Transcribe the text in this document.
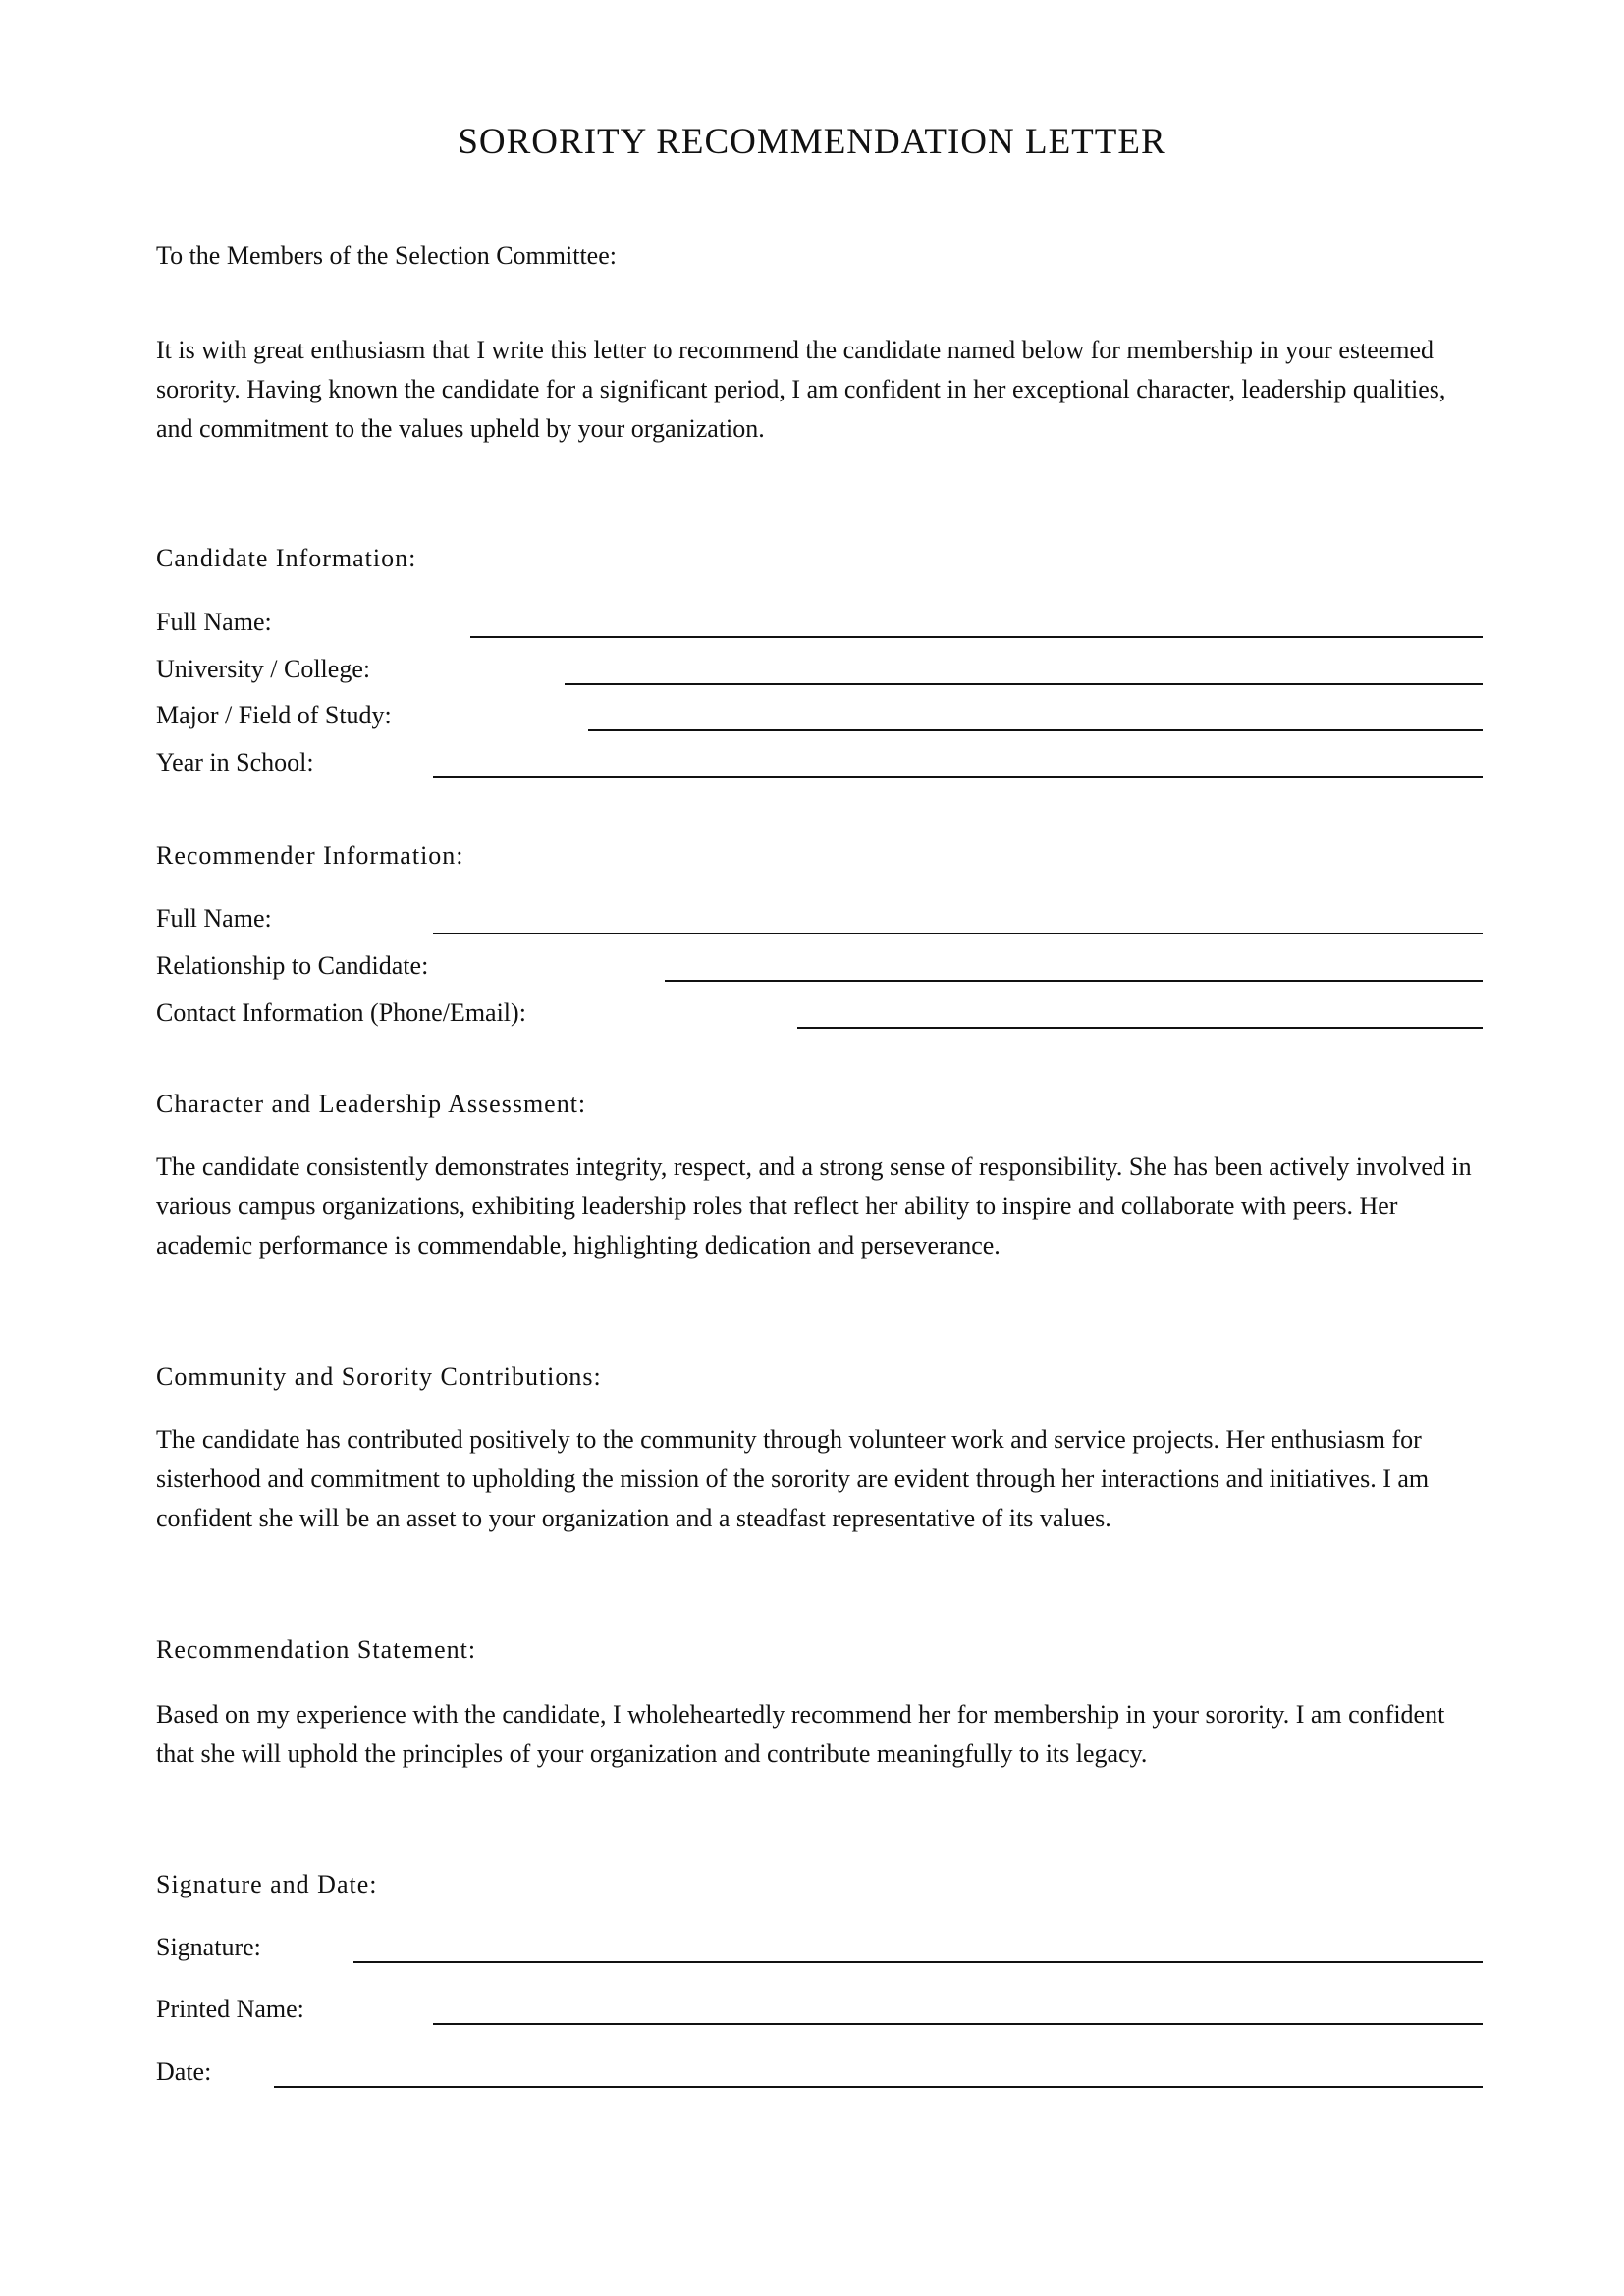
SORORITY RECOMMENDATION LETTER
To the Members of the Selection Committee:

It is with great enthusiasm that I write this letter to recommend the candidate named below for membership in your esteemed sorority. Having known the candidate for a significant period, I am confident in her exceptional character, leadership qualities, and commitment to the values upheld by your organization.

Candidate Information:
Full Name:
University / College:
Major / Field of Study:
Year in School:
Recommender Information:
Full Name:
Relationship to Candidate:
Contact Information (Phone/Email):
Character and Leadership Assessment:

The candidate consistently demonstrates integrity, respect, and a strong sense of responsibility. She has been actively involved in various campus organizations, exhibiting leadership roles that reflect her ability to inspire and collaborate with peers. Her academic performance is commendable, highlighting dedication and perseverance.

Community and Sorority Contributions:

The candidate has contributed positively to the community through volunteer work and service projects. Her enthusiasm for sisterhood and commitment to upholding the mission of the sorority are evident through her interactions and initiatives. I am confident she will be an asset to your organization and a steadfast representative of its values.

Recommendation Statement:

Based on my experience with the candidate, I wholeheartedly recommend her for membership in your sorority. I am confident that she will uphold the principles of your organization and contribute meaningfully to its legacy.

Signature and Date:
Signature:
Printed Name:
Date:
